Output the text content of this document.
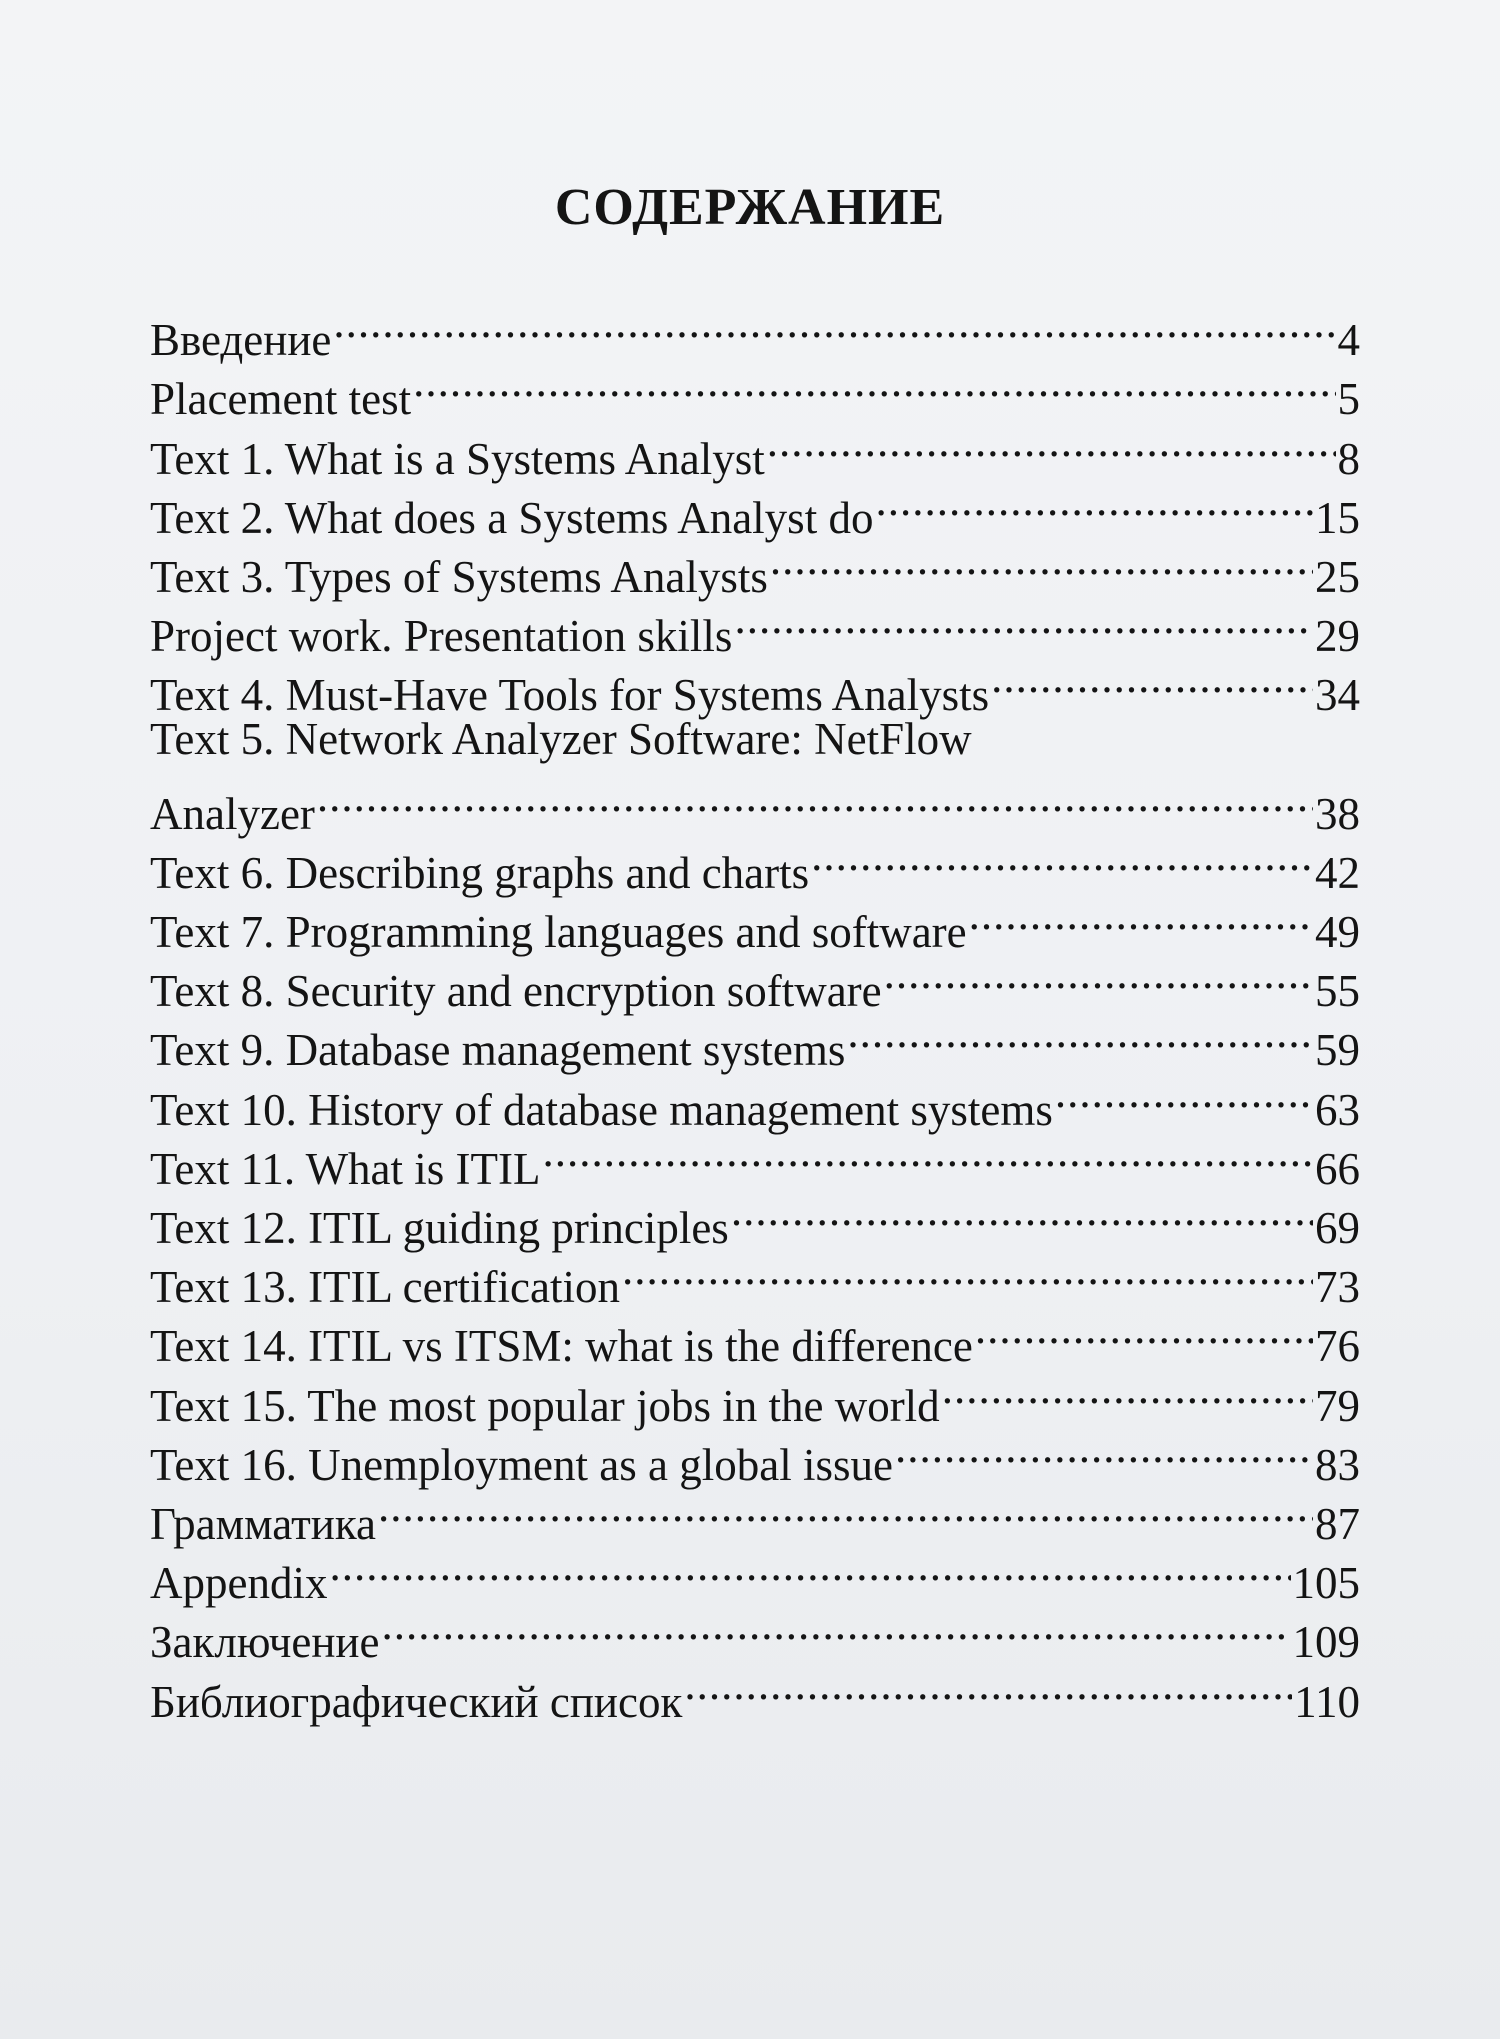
СОДЕРЖАНИЕ
Введение .....	4
Placement test .....	5
Text 1. What is a Systems Analyst .....	8
Text 2. What does a Systems Analyst do .....	15
Text 3. Types of Systems Analysts .....	25
Project work. Presentation skills .....	29
Text 4. Must-Have Tools for Systems Analysts .....	34
Text 5. Network Analyzer Software: NetFlow
Analyzer .....	38
Text 6. Describing graphs and charts .....	42
Text 7. Programming languages and software .....	49
Text 8. Security and encryption software .....	55
Text 9. Database management systems .....	59
Text 10. History of database management systems .....	63
Text 11. What is ITIL .....	66
Text 12. ITIL guiding principles .....	69
Text 13. ITIL certification .....	73
Text 14. ITIL vs ITSM: what is the difference .....	76
Text 15. The most popular jobs in the world .....	79
Text 16. Unemployment as a global issue .....	83
Грамматика .....	87
Appendix .....	105
Заключение .....	109
Библиографический список .....	110
